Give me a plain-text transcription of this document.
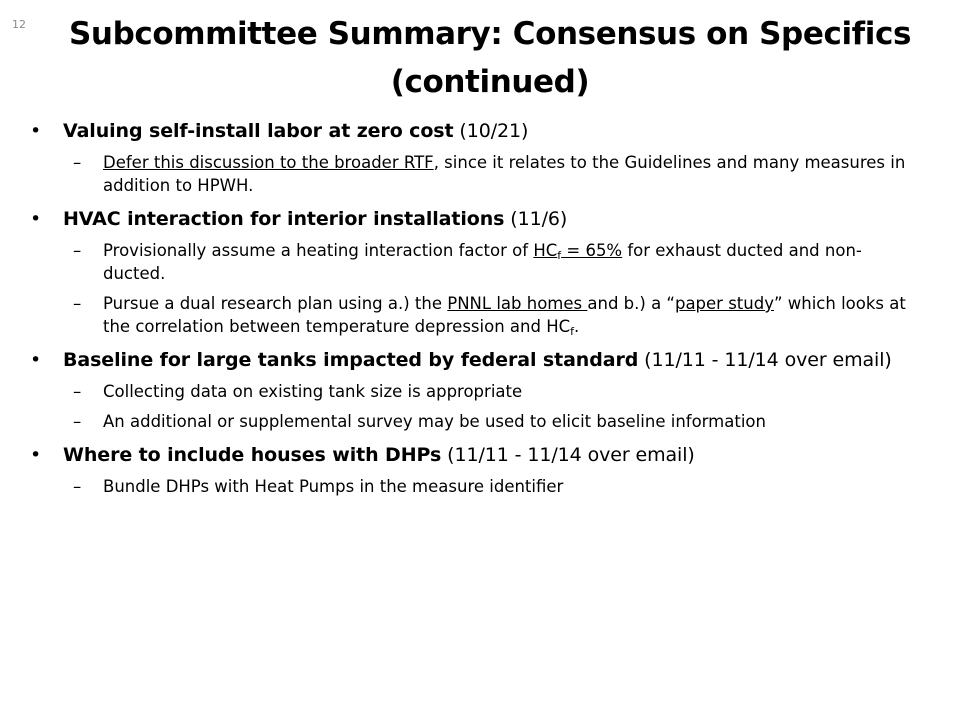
12	Subcommittee Summary: Consensus on Specifics (continued)
• Valuing self-install labor at zero cost (10/21)
– Defer this discussion to the broader RTF, since it relates to the Guidelines and many measures in addition to HPWH.
• HVAC interaction for interior installations (11/6)
– Provisionally assume a heating interaction factor of $HC_f = 65\%$ for exhaust ducted and non-ducted.
– Pursue a dual research plan using a.) the PNNL lab homes and b.) a “paper study” which looks at the correlation between temperature depression and $HC_f$.
• Baseline for large tanks impacted by federal standard (11/11 - 11/14 over email)
– Collecting data on existing tank size is appropriate
– An additional or supplemental survey may be used to elicit baseline information
• Where to include houses with DHPs (11/11 - 11/14 over email)
– Bundle DHPs with Heat Pumps in the measure identifier
